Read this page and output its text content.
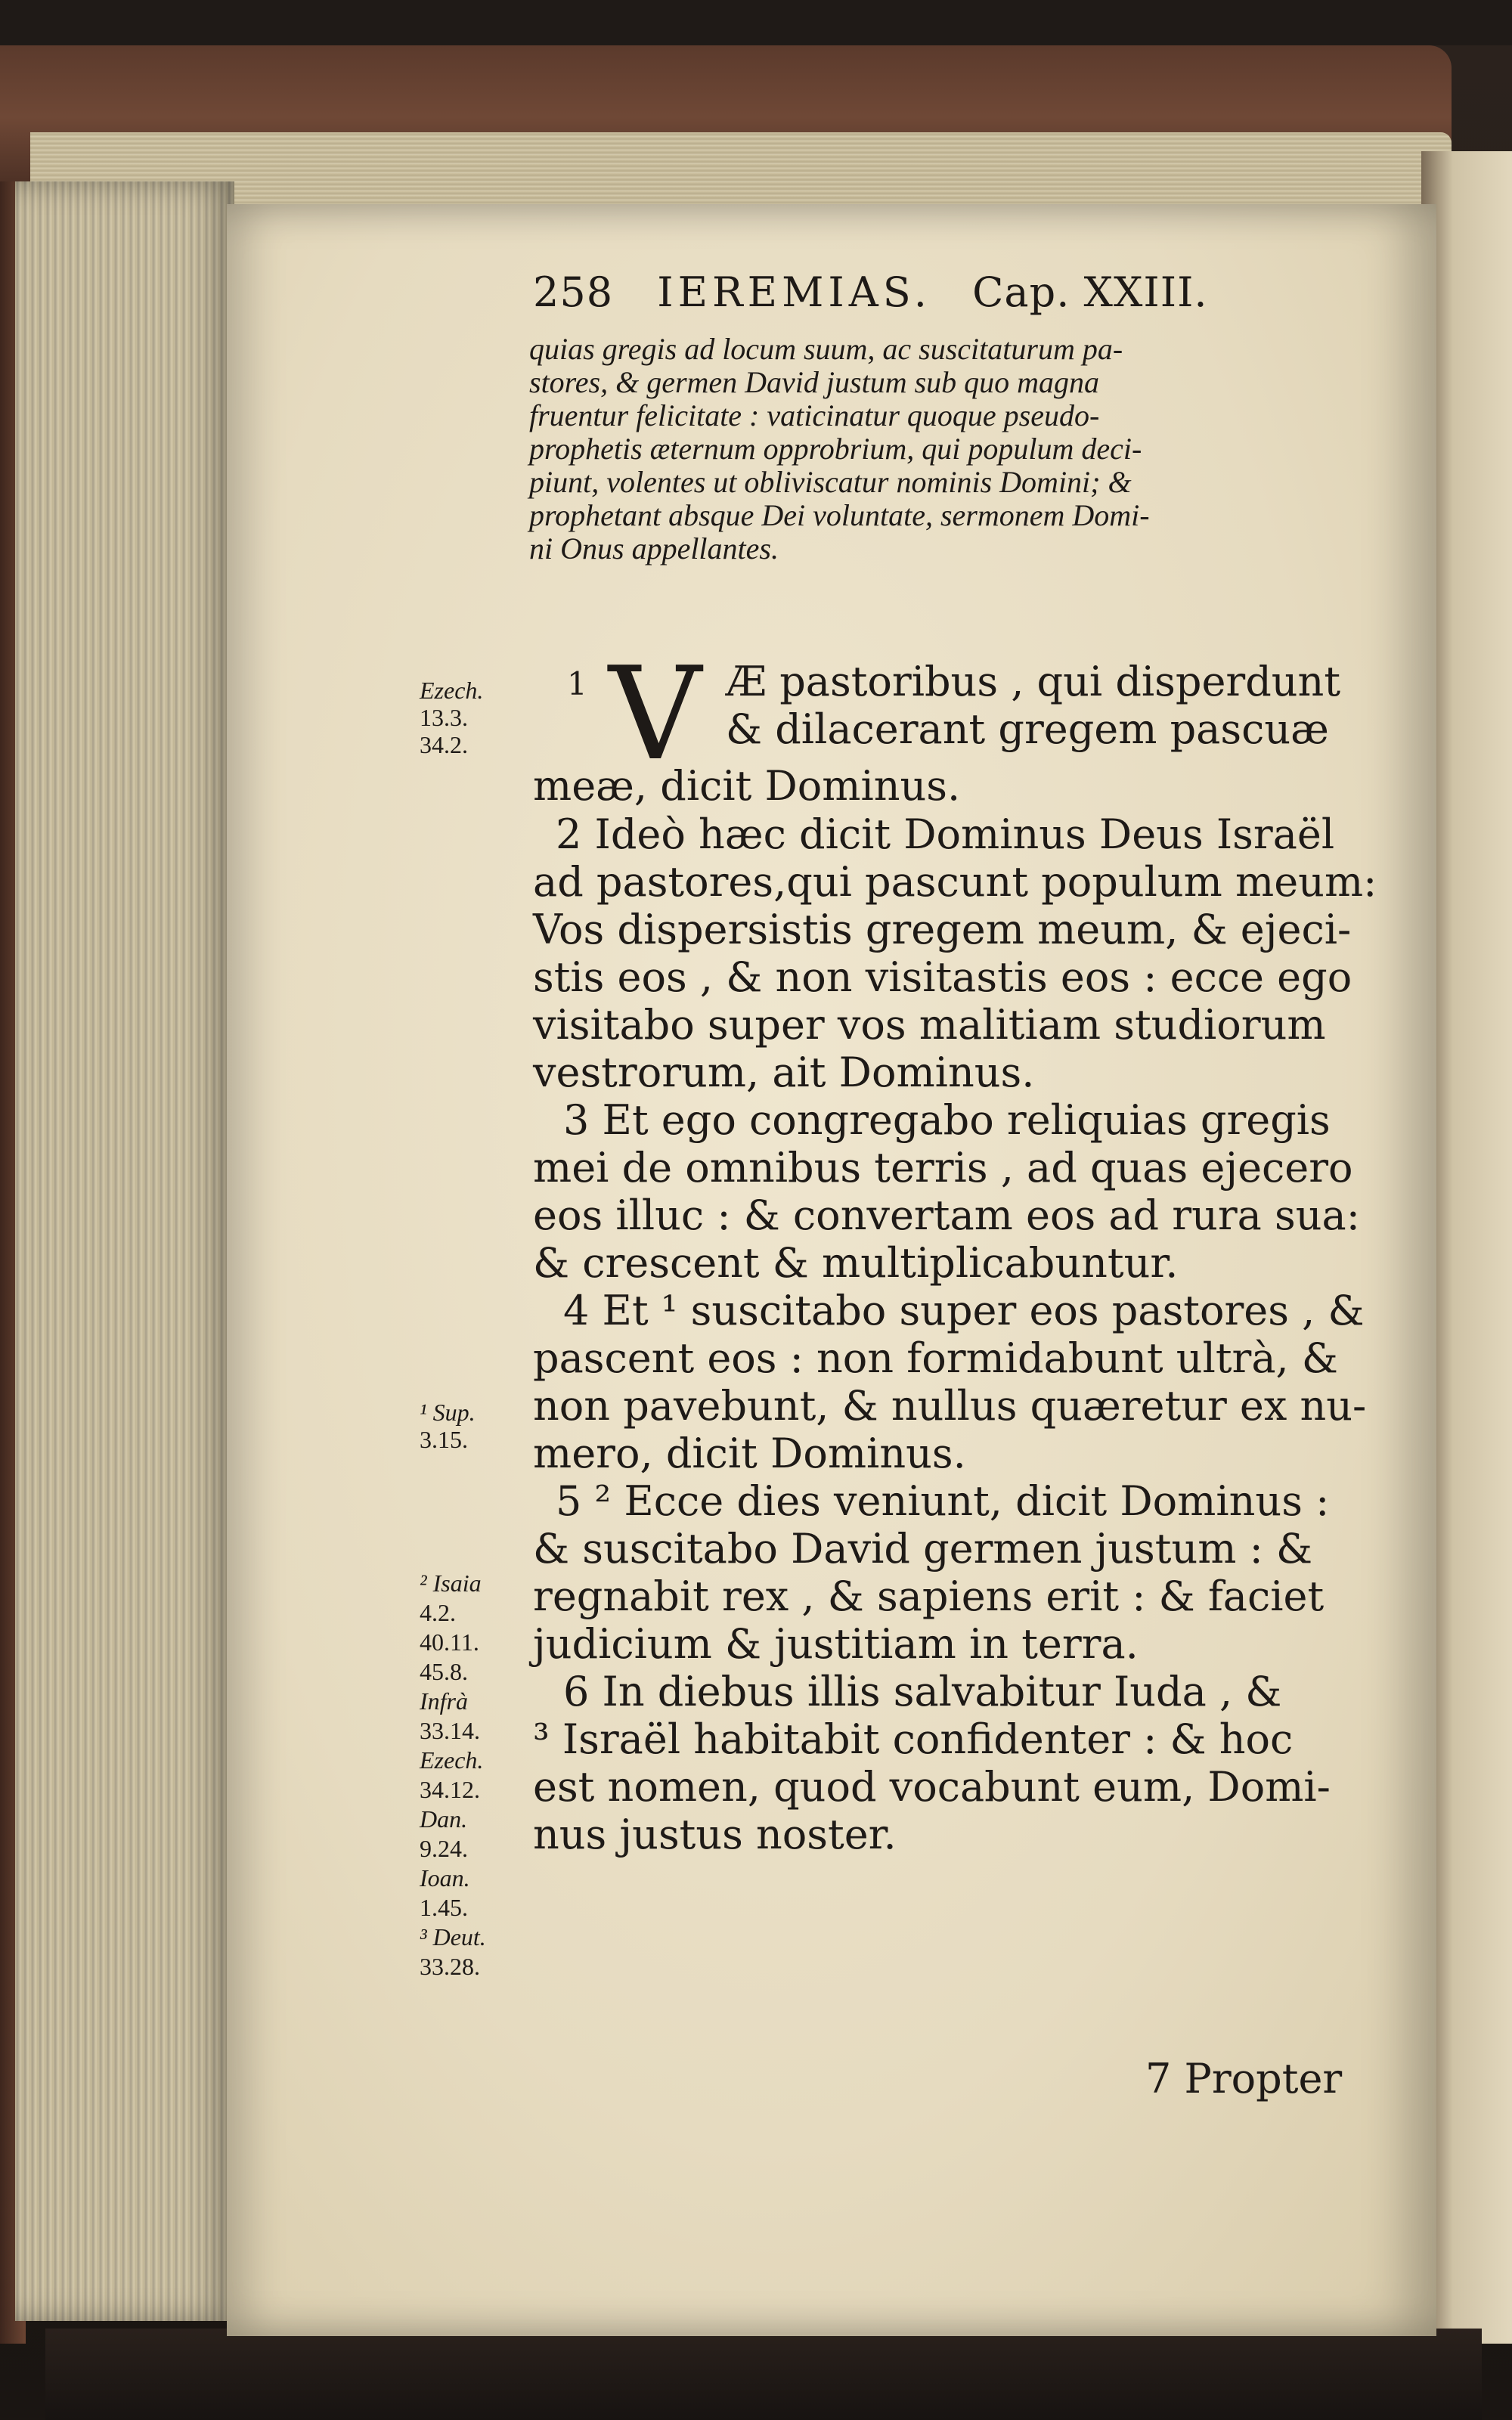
258 IEREMIAS. Cap. XXIII.
quias gregis ad locum suum, ac suscitaturum pa-
stores, & germen David justum sub quo magna
fruentur felicitate : vaticinatur quoque pseudo-
prophetis æternum opprobrium, qui populum deci-
piunt, volentes ut obliviscatur nominis Domini; &
prophetant absque Dei voluntate, sermonem Domi-
ni Onus appellantes.
1 V Æ pastoribus , qui disperdunt
& dilacerant gregem pascuæ
meæ, dicit Dominus.
2 Ideò hæc dicit Dominus Deus Israël
ad pastores,qui pascunt populum meum:
Vos dispersistis gregem meum, & ejeci-
stis eos , & non visitastis eos : ecce ego
visitabo super vos malitiam studiorum
vestrorum, ait Dominus.
3 Et ego congregabo reliquias gregis
mei de omnibus terris , ad quas ejecero
eos illuc : & convertam eos ad rura sua:
& crescent & multiplicabuntur.
4 Et ¹ suscitabo super eos pastores , &
pascent eos : non formidabunt ultrà, &
non pavebunt, & nullus quæretur ex nu-
mero, dicit Dominus.
5 ² Ecce dies veniunt, dicit Dominus :
& suscitabo David germen justum : &
regnabit rex , & sapiens erit : & faciet
judicium & justitiam in terra.
6 In diebus illis salvabitur Iuda , &
³ Israël habitabit confidenter : & hoc
est nomen, quod vocabunt eum, Domi-
nus justus noster.
Ezech.
13.3.
34.2.
¹ Sup.
3.15.
² Isaia
4.2.
40.11.
45.8.
Infrà
33.14.
Ezech.
34.12.
Dan.
9.24.
Ioan.
1.45.
³ Deut.
33.28.
7 Propter
